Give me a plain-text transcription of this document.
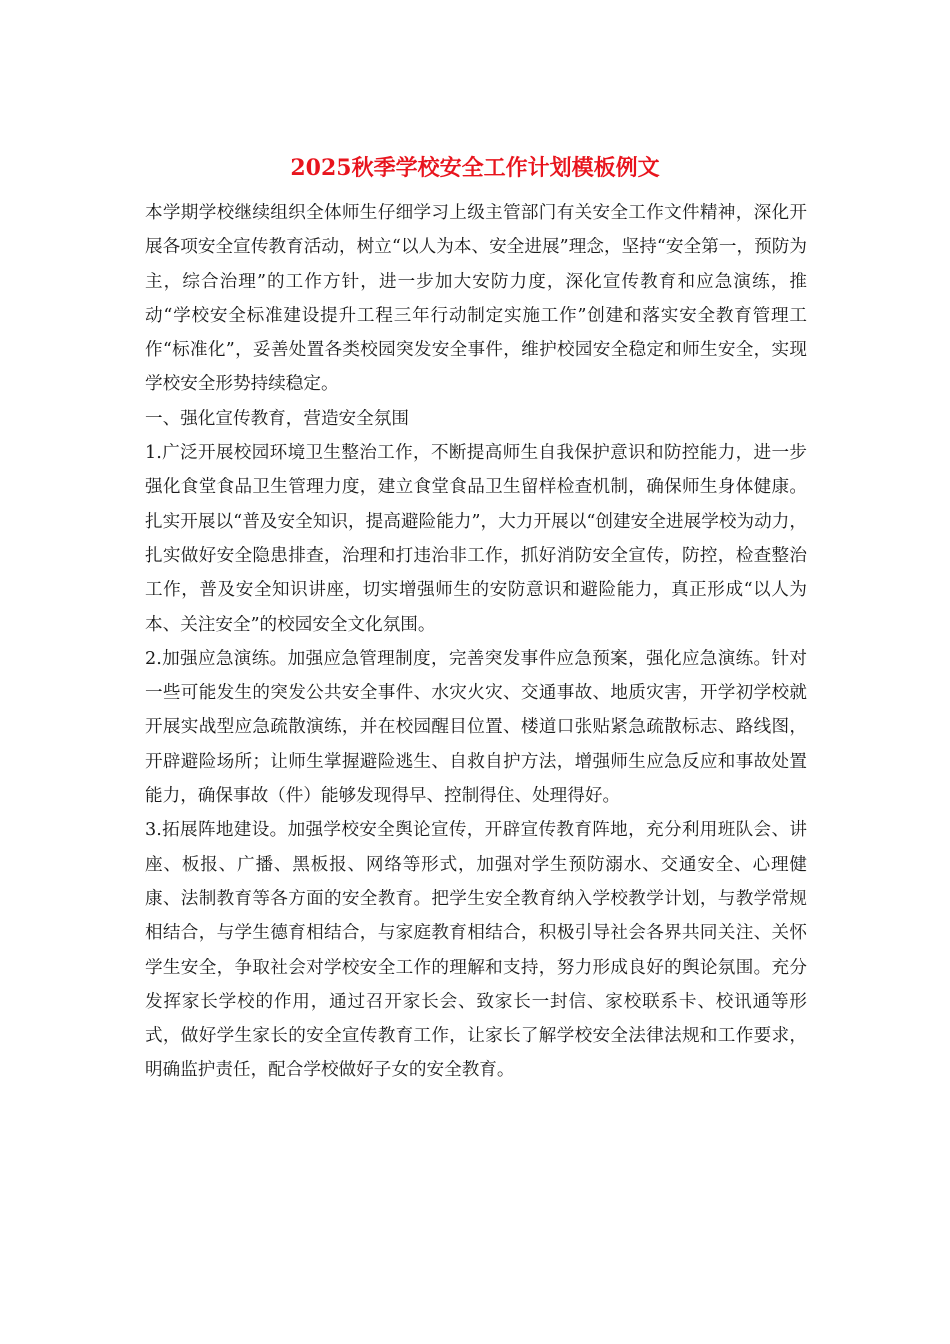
2025秋季学校安全工作计划模板例文

本学期学校继续组织全体师生仔细学习上级主管部门有关安全工作文件精神，深化开展各项安全宣传教育活动，树立“以人为本、安全进展”理念，坚持“安全第一，预防为主，综合治理”的工作方针，进一步加大安防力度，深化宣传教育和应急演练，推动“学校安全标准建设提升工程三年行动制定实施工作”创建和落实安全教育管理工作“标准化”，妥善处置各类校园突发安全事件，维护校园安全稳定和师生安全，实现学校安全形势持续稳定。

一、强化宣传教育，营造安全氛围

1.广泛开展校园环境卫生整治工作，不断提高师生自我保护意识和防控能力，进一步强化食堂食品卫生管理力度，建立食堂食品卫生留样检查机制，确保师生身体健康。扎实开展以“普及安全知识，提高避险能力”，大力开展以“创建安全进展学校为动力，扎实做好安全隐患排查，治理和打违治非工作，抓好消防安全宣传，防控，检查整治工作，普及安全知识讲座，切实增强师生的安防意识和避险能力，真正形成“以人为本、关注安全”的校园安全文化氛围。

2.加强应急演练。加强应急管理制度，完善突发事件应急预案，强化应急演练。针对一些可能发生的突发公共安全事件、水灾火灾、交通事故、地质灾害，开学初学校就开展实战型应急疏散演练，并在校园醒目位置、楼道口张贴紧急疏散标志、路线图，开辟避险场所；让师生掌握避险逃生、自救自护方法，增强师生应急反应和事故处置能力，确保事故（件）能够发现得早、控制得住、处理得好。

3.拓展阵地建设。加强学校安全舆论宣传，开辟宣传教育阵地，充分利用班队会、讲座、板报、广播、黑板报、网络等形式，加强对学生预防溺水、交通安全、心理健康、法制教育等各方面的安全教育。把学生安全教育纳入学校教学计划，与教学常规相结合，与学生德育相结合，与家庭教育相结合，积极引导社会各界共同关注、关怀学生安全，争取社会对学校安全工作的理解和支持，努力形成良好的舆论氛围。充分发挥家长学校的作用，通过召开家长会、致家长一封信、家校联系卡、校讯通等形式，做好学生家长的安全宣传教育工作，让家长了解学校安全法律法规和工作要求，明确监护责任，配合学校做好子女的安全教育。
